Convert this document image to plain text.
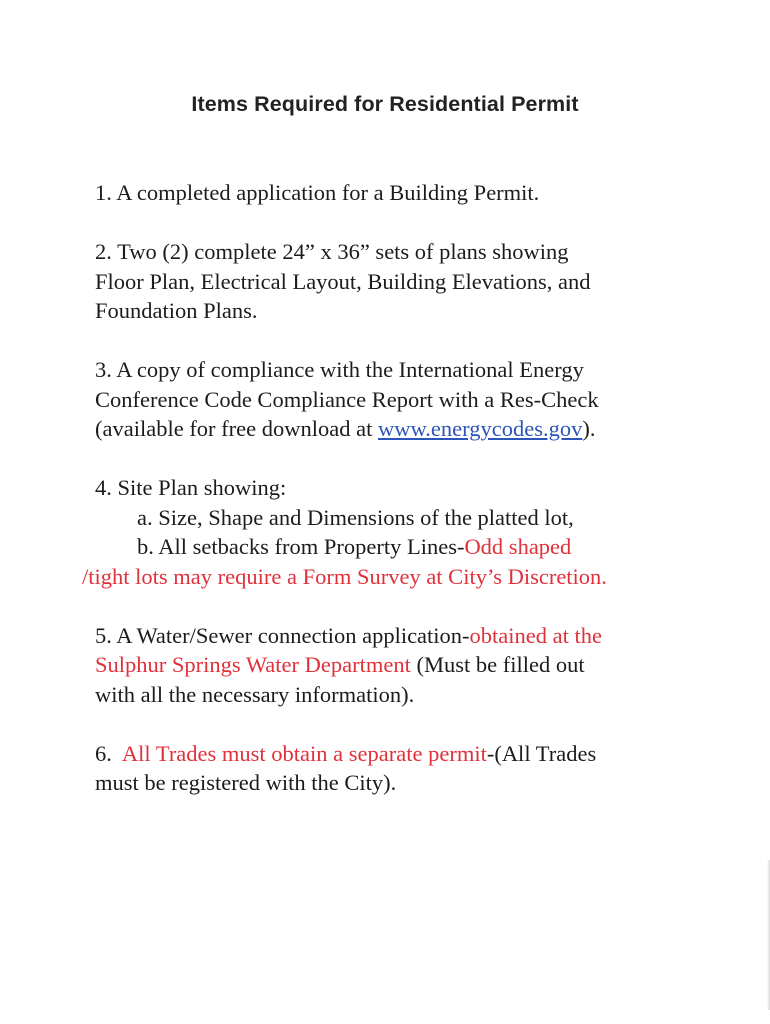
Items Required for Residential Permit
1. A completed application for a Building Permit.
2. Two (2) complete 24” x 36” sets of plans showing
Floor Plan, Electrical Layout, Building Elevations, and
Foundation Plans.
3. A copy of compliance with the International Energy
Conference Code Compliance Report with a Res-Check
(available for free download at www.energycodes.gov).
4. Site Plan showing:
a. Size, Shape and Dimensions of the platted lot,
b. All setbacks from Property Lines-Odd shaped
/tight lots may require a Form Survey at City’s Discretion.
5. A Water/Sewer connection application-obtained at the
Sulphur Springs Water Department (Must be filled out
with all the necessary information).
6.  All Trades must obtain a separate permit-(All Trades
must be registered with the City).
